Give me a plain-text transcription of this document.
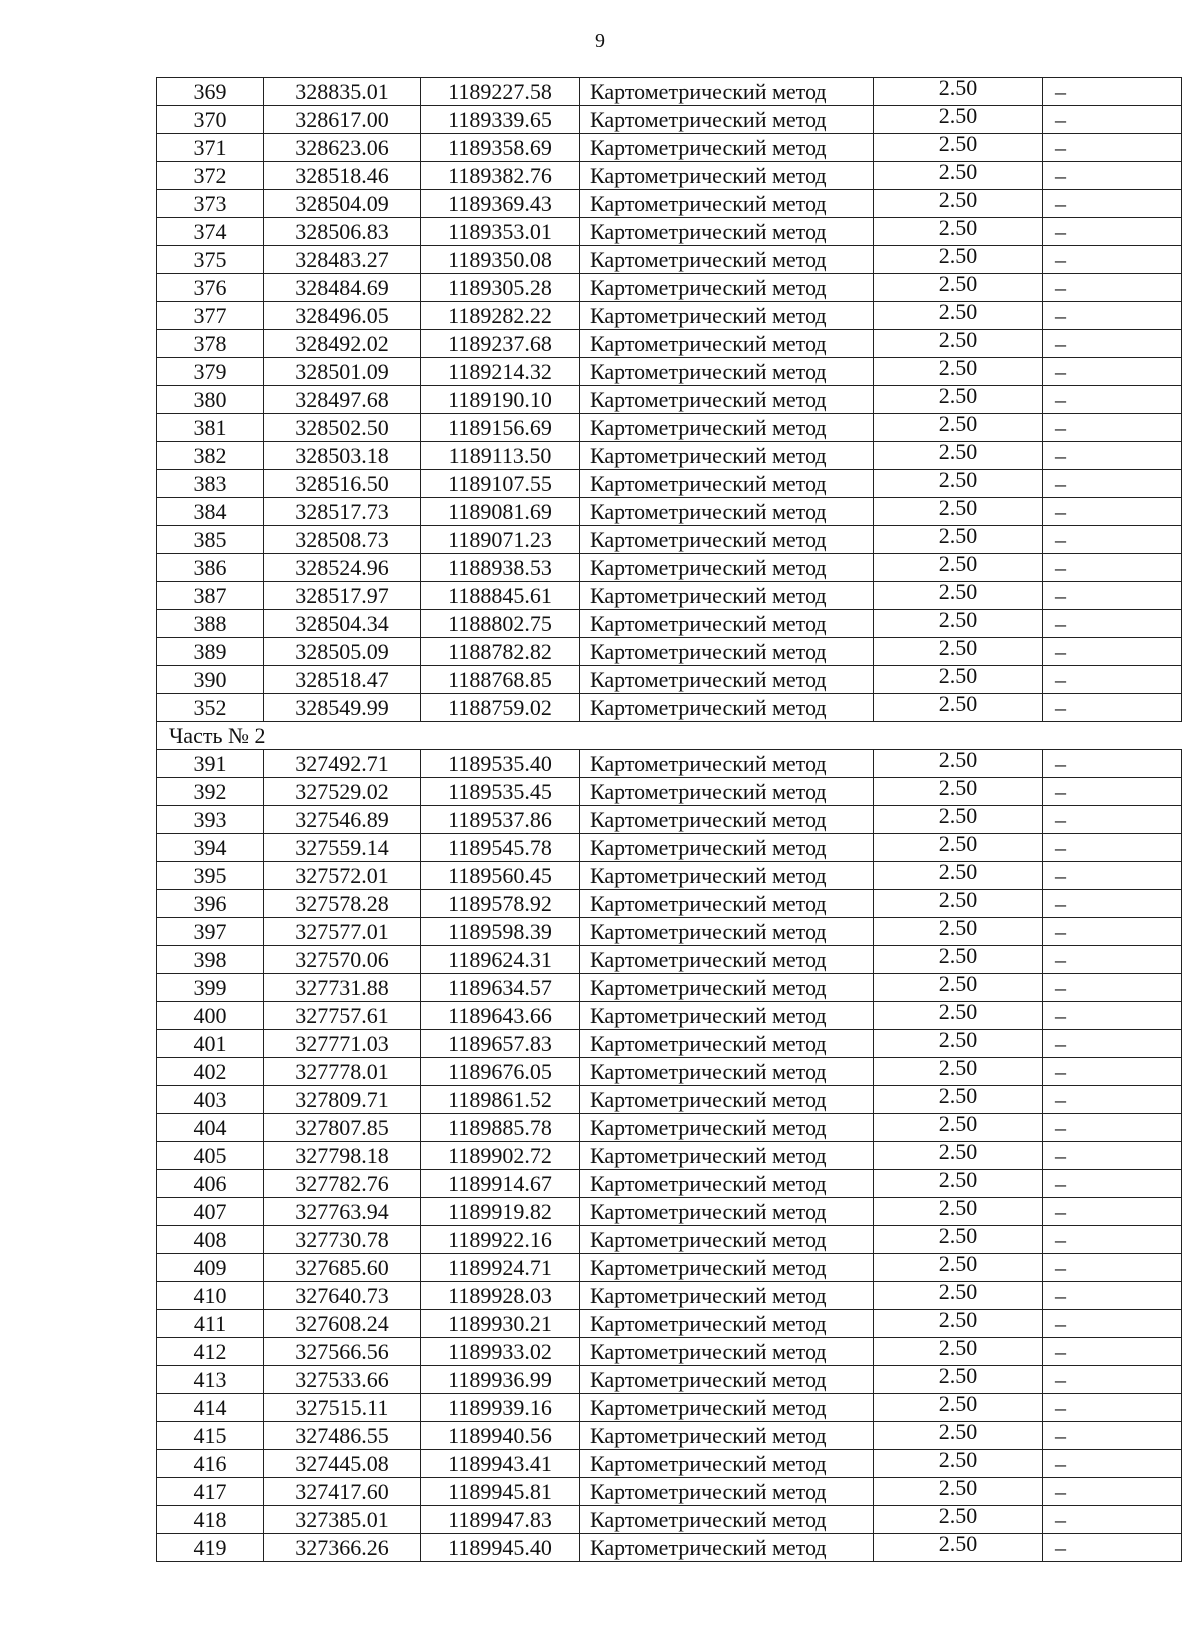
9
369	328835.01	1189227.58	Картометрический метод	2.50	–
370	328617.00	1189339.65	Картометрический метод	2.50	–
371	328623.06	1189358.69	Картометрический метод	2.50	–
372	328518.46	1189382.76	Картометрический метод	2.50	–
373	328504.09	1189369.43	Картометрический метод	2.50	–
374	328506.83	1189353.01	Картометрический метод	2.50	–
375	328483.27	1189350.08	Картометрический метод	2.50	–
376	328484.69	1189305.28	Картометрический метод	2.50	–
377	328496.05	1189282.22	Картометрический метод	2.50	–
378	328492.02	1189237.68	Картометрический метод	2.50	–
379	328501.09	1189214.32	Картометрический метод	2.50	–
380	328497.68	1189190.10	Картометрический метод	2.50	–
381	328502.50	1189156.69	Картометрический метод	2.50	–
382	328503.18	1189113.50	Картометрический метод	2.50	–
383	328516.50	1189107.55	Картометрический метод	2.50	–
384	328517.73	1189081.69	Картометрический метод	2.50	–
385	328508.73	1189071.23	Картометрический метод	2.50	–
386	328524.96	1188938.53	Картометрический метод	2.50	–
387	328517.97	1188845.61	Картометрический метод	2.50	–
388	328504.34	1188802.75	Картометрический метод	2.50	–
389	328505.09	1188782.82	Картометрический метод	2.50	–
390	328518.47	1188768.85	Картометрический метод	2.50	–
352	328549.99	1188759.02	Картометрический метод	2.50	–
Часть № 2					
391	327492.71	1189535.40	Картометрический метод	2.50	–
392	327529.02	1189535.45	Картометрический метод	2.50	–
393	327546.89	1189537.86	Картометрический метод	2.50	–
394	327559.14	1189545.78	Картометрический метод	2.50	–
395	327572.01	1189560.45	Картометрический метод	2.50	–
396	327578.28	1189578.92	Картометрический метод	2.50	–
397	327577.01	1189598.39	Картометрический метод	2.50	–
398	327570.06	1189624.31	Картометрический метод	2.50	–
399	327731.88	1189634.57	Картометрический метод	2.50	–
400	327757.61	1189643.66	Картометрический метод	2.50	–
401	327771.03	1189657.83	Картометрический метод	2.50	–
402	327778.01	1189676.05	Картометрический метод	2.50	–
403	327809.71	1189861.52	Картометрический метод	2.50	–
404	327807.85	1189885.78	Картометрический метод	2.50	–
405	327798.18	1189902.72	Картометрический метод	2.50	–
406	327782.76	1189914.67	Картометрический метод	2.50	–
407	327763.94	1189919.82	Картометрический метод	2.50	–
408	327730.78	1189922.16	Картометрический метод	2.50	–
409	327685.60	1189924.71	Картометрический метод	2.50	–
410	327640.73	1189928.03	Картометрический метод	2.50	–
411	327608.24	1189930.21	Картометрический метод	2.50	–
412	327566.56	1189933.02	Картометрический метод	2.50	–
413	327533.66	1189936.99	Картометрический метод	2.50	–
414	327515.11	1189939.16	Картометрический метод	2.50	–
415	327486.55	1189940.56	Картометрический метод	2.50	–
416	327445.08	1189943.41	Картометрический метод	2.50	–
417	327417.60	1189945.81	Картометрический метод	2.50	–
418	327385.01	1189947.83	Картометрический метод	2.50	–
419	327366.26	1189945.40	Картометрический метод	2.50	–
